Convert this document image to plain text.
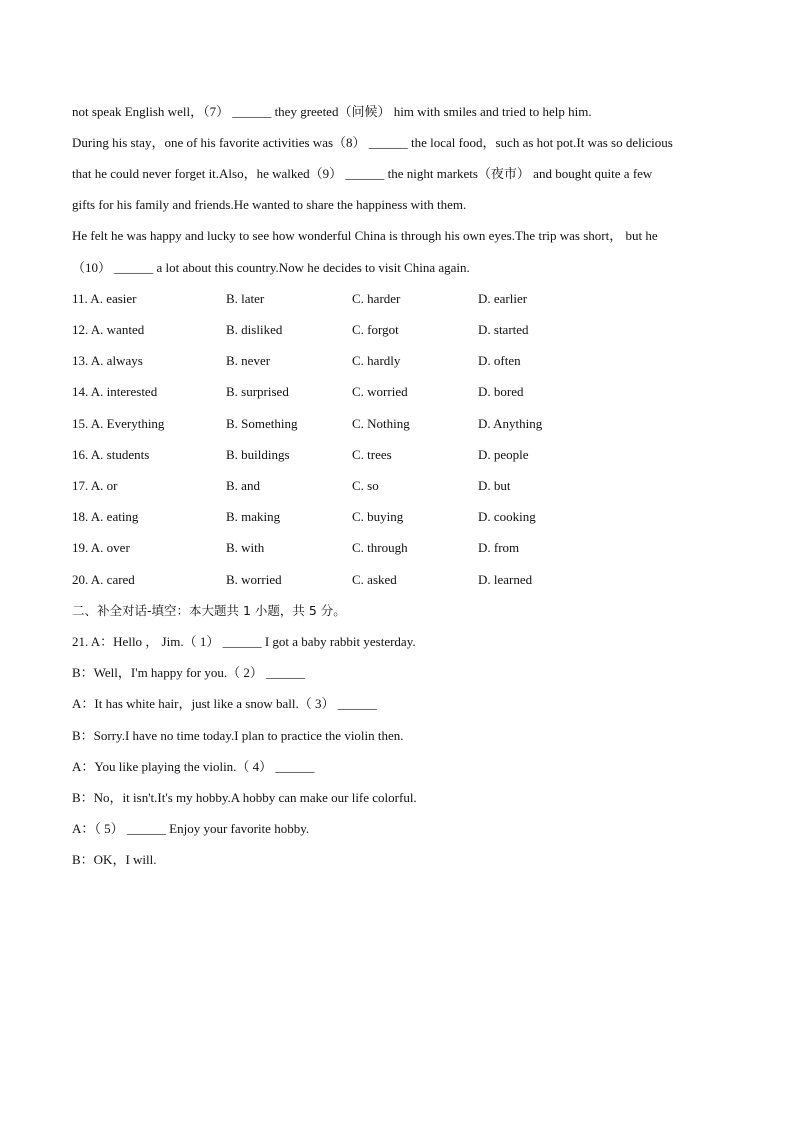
not speak English well，（7） ______ they greeted（问候） him with smiles and tried to help him.
During his stay，one of his favorite activities was（8） ______ the local food，such as hot pot.It was so delicious
that he could never forget it.Also，he walked（9） ______ the night markets（夜市） and bought quite a few
gifts for his family and friends.He wanted to share the happiness with them.
He felt he was happy and lucky to see how wonderful China is through his own eyes.The trip was short， but he
（10） ______ a lot about this country.Now he decides to visit China again.
11. A. easier	B. later	C. harder	D. earlier
12. A. wanted	B. disliked	C. forgot	D. started
13. A. always	B. never	C. hardly	D. often
14. A. interested	B. surprised	C. worried	D. bored
15. A. Everything	B. Something	C. Nothing	D. Anything
16. A. students	B. buildings	C. trees	D. people
17. A. or	B. and	C. so	D. but
18. A. eating	B. making	C. buying	D. cooking
19. A. over	B. with	C. through	D. from
20. A. cared	B. worried	C. asked	D. learned
二、补全对话-填空：本大题共 1 小题，共 5 分。
21. A：Hello ， Jim.（ 1） ______ I got a baby rabbit yesterday.
B：Well，I'm happy for you.（ 2） ______
A：It has white hair，just like a snow ball.（ 3） ______
B：Sorry.I have no time today.I plan to practice the violin then.
A：You like playing the violin.（ 4） ______
B：No，it isn't.It's my hobby.A hobby can make our life colorful.
A：（ 5） ______ Enjoy your favorite hobby.
B：OK，I will.
